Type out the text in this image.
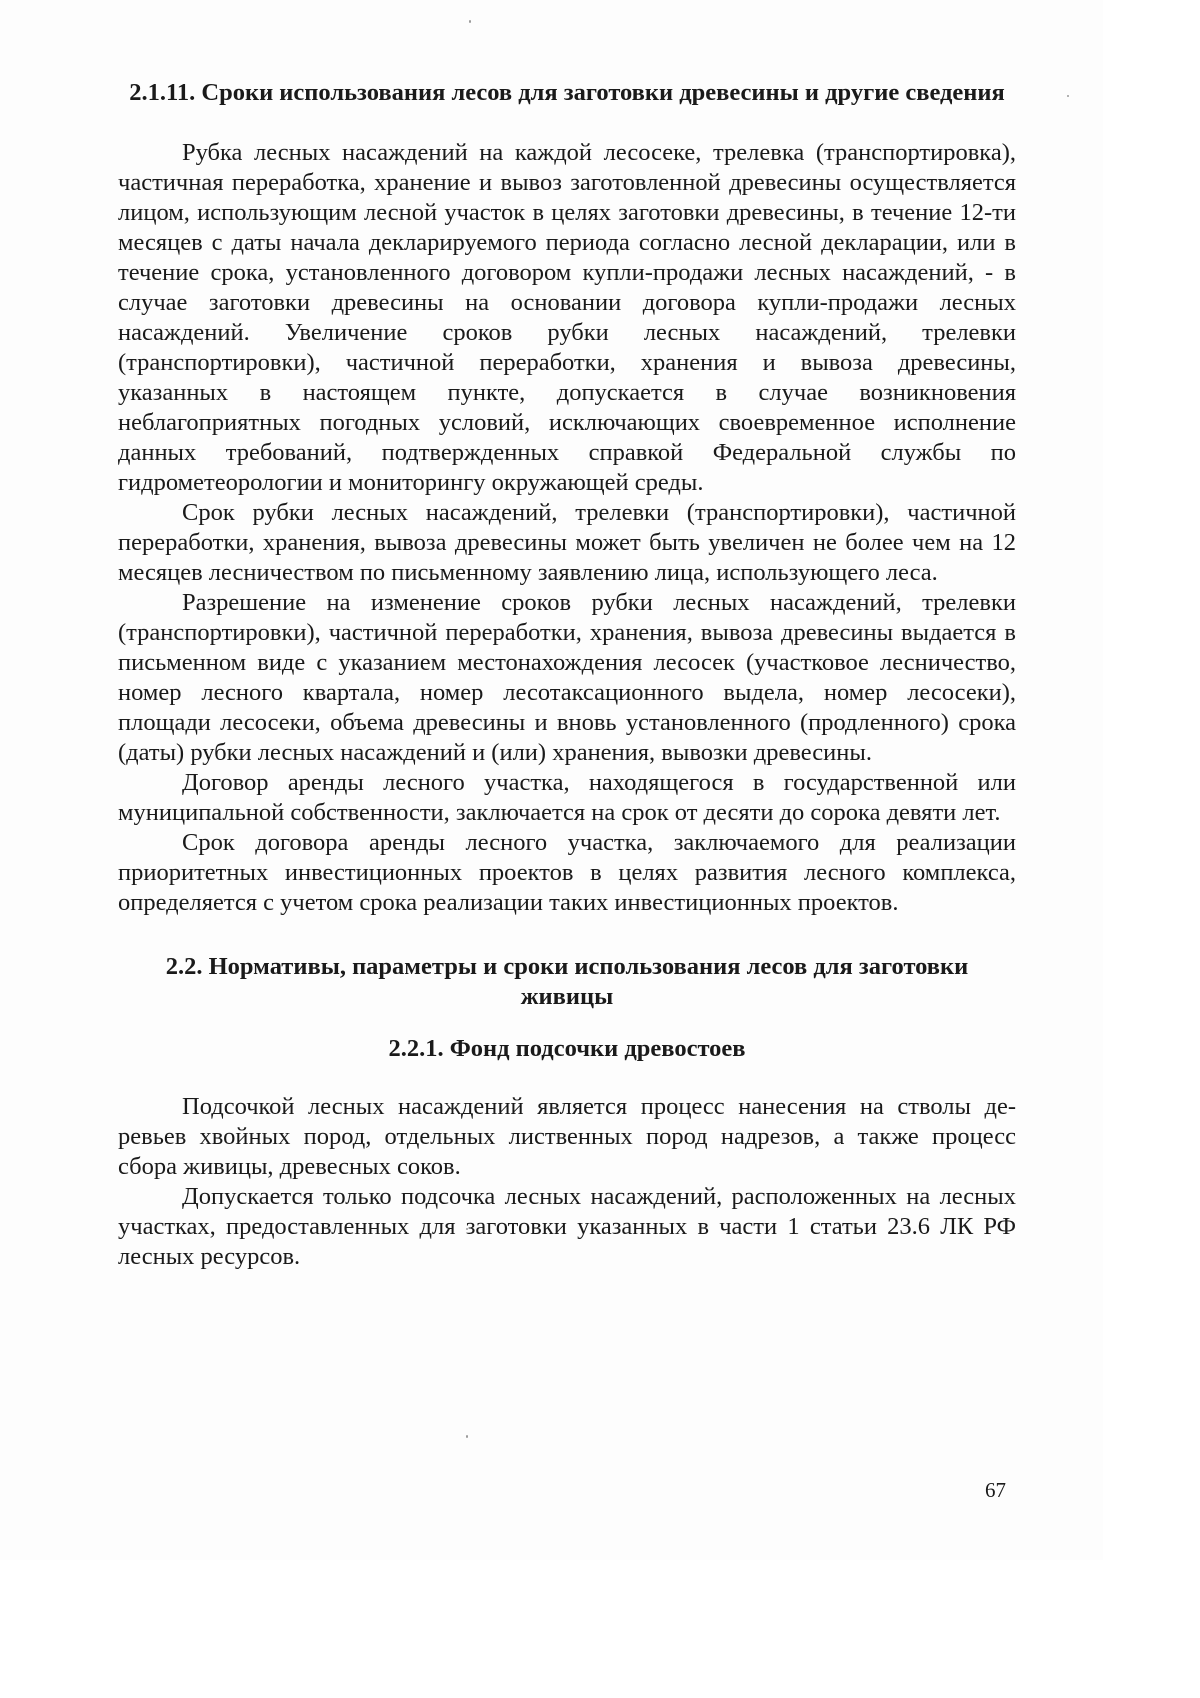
2.1.11. Сроки использования лесов для заготовки древесины и другие сведения

Рубка лесных насаждений на каждой лесосеке, трелевка (транспортировка), частичная переработка, хранение и вывоз заготовленной древесины осуществляется лицом, использующим лесной участок в целях заготовки древесины, в течение 12-ти месяцев с даты начала декларируемого периода согласно лесной декларации, или в течение срока, установленного договором купли-продажи лесных насаждений, - в случае заготовки древесины на основании договора купли-продажи лесных насаждений. Увеличение сроков рубки лесных насаждений, трелевки (транспортировки), частичной переработки, хранения и вывоза древесины, указанных в настоящем пункте, допускается в случае возникновения неблагоприятных погодных условий, исключающих своевременное исполнение данных требований, подтвержденных справкой Федеральной службы по гидрометеорологии и мониторингу окружающей среды.

Срок рубки лесных насаждений, трелевки (транспортировки), частичной переработки, хранения, вывоза древесины может быть увеличен не более чем на 12 месяцев лесничеством по письменному заявлению лица, использующего леса.

Разрешение на изменение сроков рубки лесных насаждений, трелевки (транспортировки), частичной переработки, хранения, вывоза древесины выдается в письменном виде с указанием местонахождения лесосек (участковое лесничество, номер лесного квартала, номер лесотаксационного выдела, номер лесосеки), площади лесосеки, объема древесины и вновь установленного (продленного) срока (даты) рубки лесных насаждений и (или) хранения, вывозки древесины.

Договор аренды лесного участка, находящегося в государственной или муниципальной собственности, заключается на срок от десяти до сорока девяти лет.

Срок договора аренды лесного участка, заключаемого для реализации приоритетных инвестиционных проектов в целях развития лесного комплекса, определяется с учетом срока реализации таких инвестиционных проектов.

2.2. Нормативы, параметры и сроки использования лесов для заготовки живицы
2.2.1. Фонд подсочки древостоев

Подсочкой лесных насаждений является процесс нанесения на стволы деревьев хвойных пород, отдельных лиственных пород надрезов, а также процесс сбора живицы, древесных соков.

Допускается только подсочка лесных насаждений, расположенных на лесных участках, предоставленных для заготовки указанных в части 1 статьи 23.6 ЛК РФ лесных ресурсов.

67
